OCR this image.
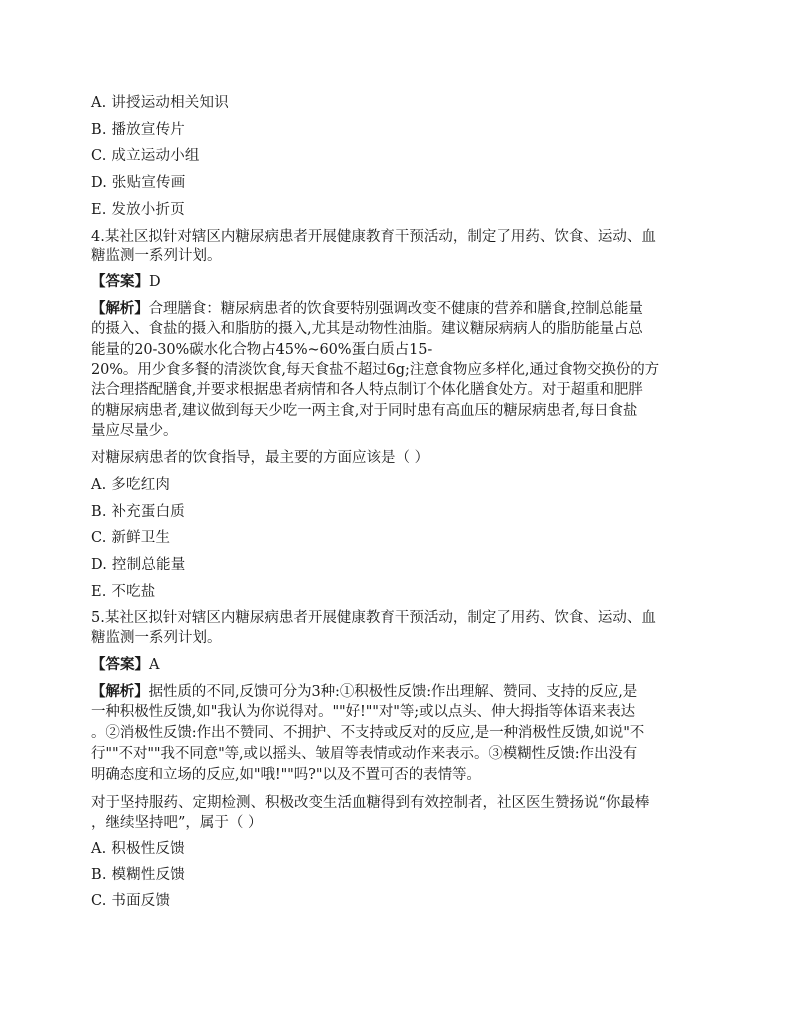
A. 讲授运动相关知识
B. 播放宣传片
C. 成立运动小组
D. 张贴宣传画
E. 发放小折页
4.某社区拟针对辖区内糖尿病患者开展健康教育干预活动，制定了用药、饮食、运动、血
糖监测一系列计划。
【答案】D
【解析】合理膳食：糖尿病患者的饮食要特别强调改变不健康的营养和膳食,控制总能量
的摄入、食盐的摄入和脂肪的摄入,尤其是动物性油脂。建议糖尿病病人的脂肪能量占总
能量的20-30%碳水化合物占45%~60%蛋白质占15-
20%。用少食多餐的清淡饮食,每天食盐不超过6g;注意食物应多样化,通过食物交换份的方
法合理搭配膳食,并要求根据患者病情和各人特点制订个体化膳食处方。对于超重和肥胖
的糖尿病患者,建议做到每天少吃一两主食,对于同时患有高血压的糖尿病患者,每日食盐
量应尽量少。
对糖尿病患者的饮食指导，最主要的方面应该是（ ）
A. 多吃红肉
B. 补充蛋白质
C. 新鲜卫生
D. 控制总能量
E. 不吃盐
5.某社区拟针对辖区内糖尿病患者开展健康教育干预活动，制定了用药、饮食、运动、血
糖监测一系列计划。
【答案】A
【解析】据性质的不同,反馈可分为3种:①积极性反馈:作出理解、赞同、支持的反应,是
一种积极性反馈,如"我认为你说得对。""好!""对"等;或以点头、伸大拇指等体语来表达
。②消极性反馈:作出不赞同、不拥护、不支持或反对的反应,是一种消极性反馈,如说"不
行""不对""我不同意"等,或以摇头、皱眉等表情或动作来表示。③模糊性反馈:作出没有
明确态度和立场的反应,如"哦!""吗?"以及不置可否的表情等。
对于坚持服药、定期检测、积极改变生活血糖得到有效控制者，社区医生赞扬说“你最棒
，继续坚持吧”，属于（ ）
A. 积极性反馈
B. 模糊性反馈
C. 书面反馈
